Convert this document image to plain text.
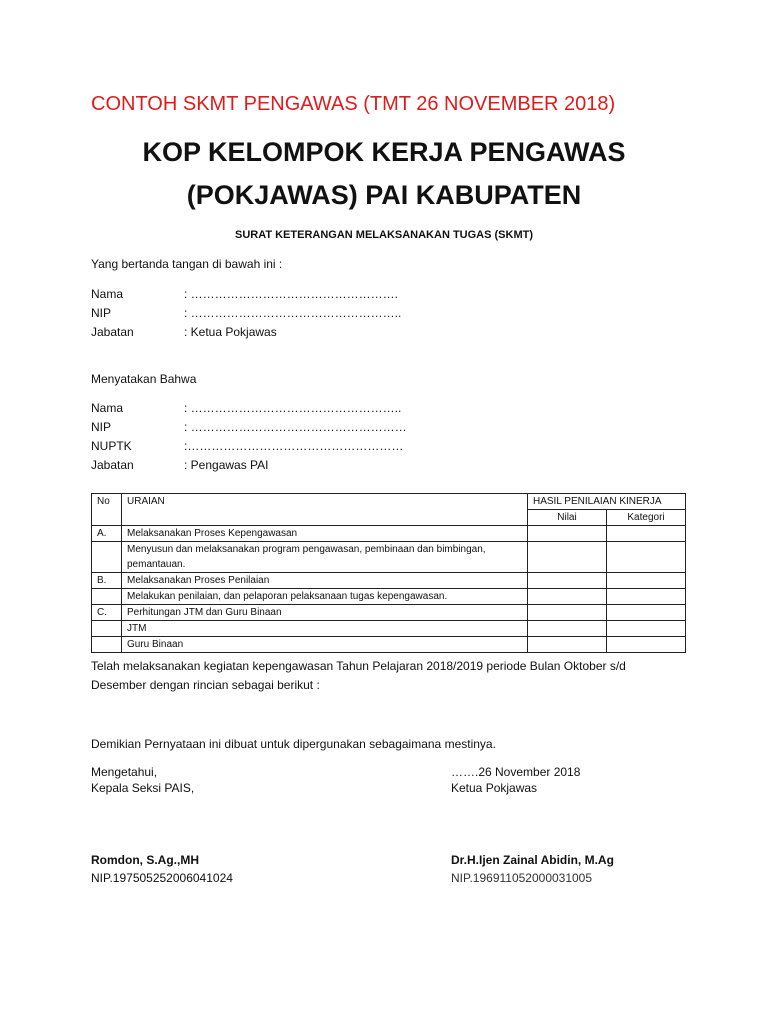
CONTOH SKMT PENGAWAS (TMT 26 NOVEMBER 2018)
KOP KELOMPOK KERJA PENGAWAS
(POKJAWAS) PAI KABUPATEN
SURAT KETERANGAN MELAKSANAKAN TUGAS (SKMT)
Yang bertanda tangan di bawah ini :
Nama	: …………………………………………….
NIP	: ……………………………………………..
Jabatan	: Ketua Pokjawas
Menyatakan Bahwa
Nama	: ……………………………………………..
NIP	: ………………………………………………
NUPTK	:………………………………………………
Jabatan	: Pengawas PAI
No	URAIAN	HASIL PENILAIAN KINERJA	
		Nilai	Kategori
A.	Melaksanakan Proses Kepengawasan		
	Menyusun dan melaksanakan program pengawasan, pembinaan dan bimbingan, pemantauan.		
B.	Melaksanakan Proses Penilaian		
	Melakukan penilaian, dan pelaporan pelaksanaan tugas kepengawasan.		
C.	Perhitungan JTM dan Guru Binaan		
	JTM		
	Guru Binaan		
Telah melaksanakan kegiatan kepengawasan Tahun Pelajaran 2018/2019 periode Bulan Oktober s/d
Desember dengan rincian sebagai berikut :
Demikian Pernyataan ini dibuat untuk dipergunakan sebagaimana mestinya.
Mengetahui,
Kepala Seksi PAIS,
…….26 November 2018
Ketua Pokjawas
Romdon, S.Ag.,MH
NIP.197505252006041024
Dr.H.Ijen Zainal Abidin, M.Ag
NIP.196911052000031005
